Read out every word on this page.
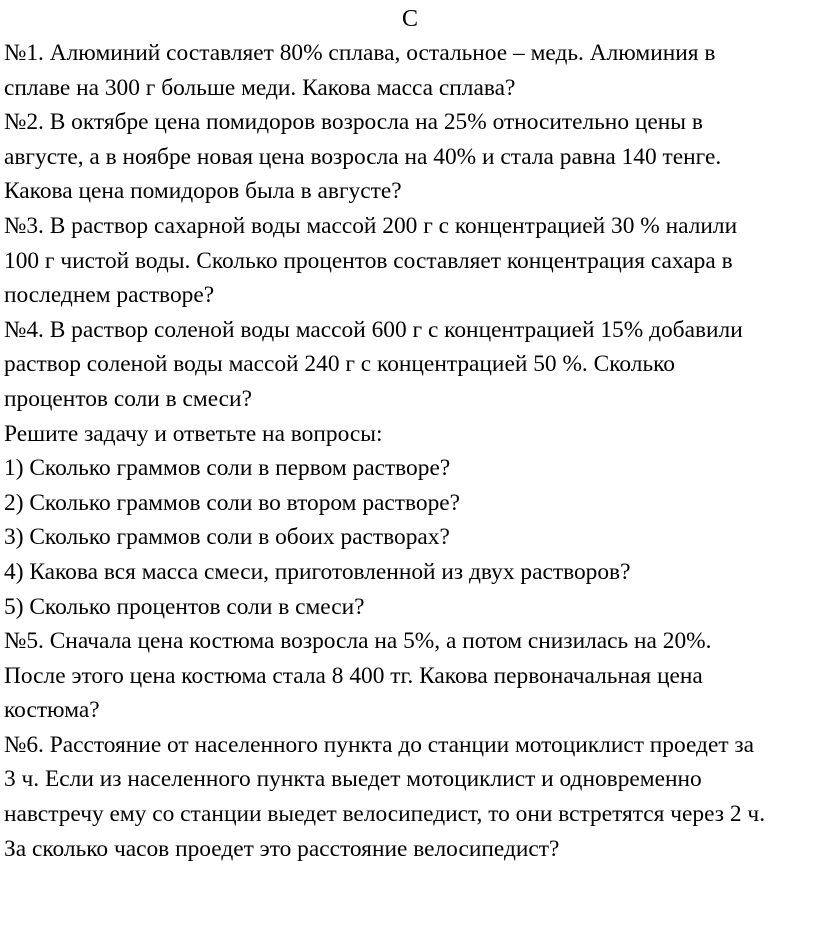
С
№1. Алюминий составляет 80% сплава, остальное – медь. Алюминия в
сплаве на 300 г больше меди. Какова масса сплава?
№2. В октябре цена помидоров возросла на 25% относительно цены в
августе, а в ноябре новая цена возросла на 40% и стала равна 140 тенге.
Какова цена помидоров была в августе?
№3. В раствор сахарной воды массой 200 г с концентрацией 30 % налили
100 г чистой воды. Сколько процентов составляет концентрация сахара в
последнем растворе?
№4. В раствор соленой воды массой 600 г с концентрацией 15% добавили
раствор соленой воды массой 240 г с концентрацией 50 %. Сколько
процентов соли в смеси?
Решите задачу и ответьте на вопросы:
1) Сколько граммов соли в первом растворе?
2) Сколько граммов соли во втором растворе?
3) Сколько граммов соли в обоих растворах?
4) Какова вся масса смеси, приготовленной из двух растворов?
5) Сколько процентов соли в смеси?
№5. Сначала цена костюма возросла на 5%, а потом снизилась на 20%.
После этого цена костюма стала 8 400 тг. Какова первоначальная цена
костюма?
№6. Расстояние от населенного пункта до станции мотоциклист проедет за
3 ч. Если из населенного пункта выедет мотоциклист и одновременно
навстречу ему со станции выедет велосипедист, то они встретятся через 2 ч.
За сколько часов проедет это расстояние велосипедист?
